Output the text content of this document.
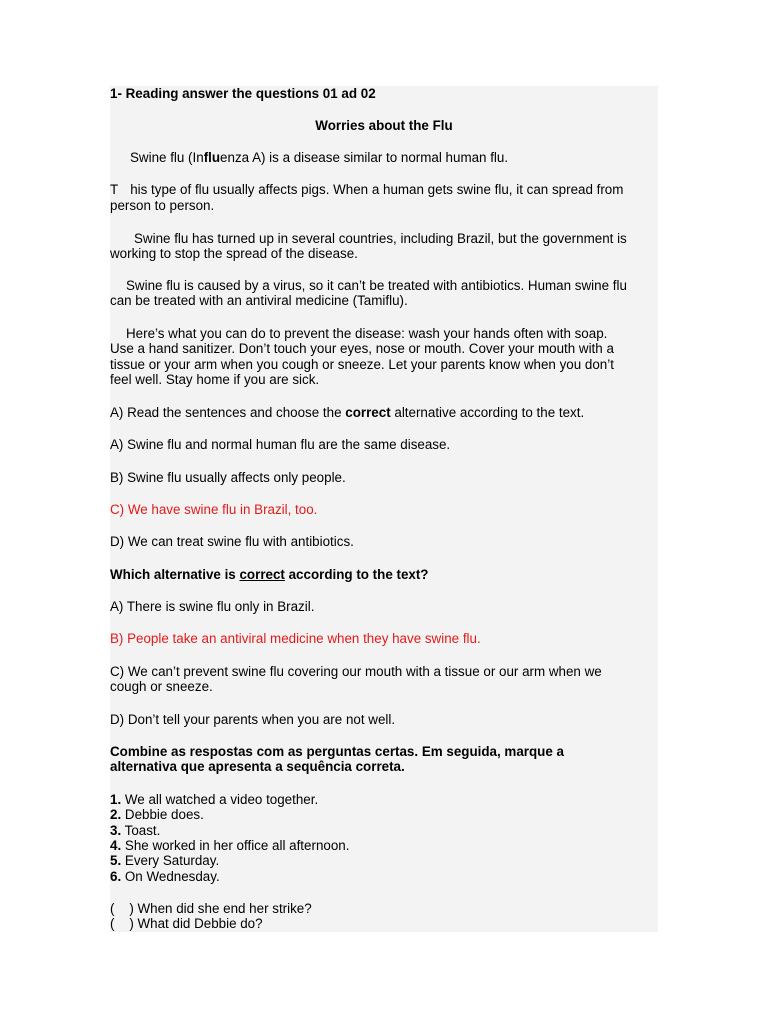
1- Reading answer the questions 01 ad 02
Worries about the Flu
Swine flu (Influenza A) is a disease similar to normal human flu.
T his type of flu usually affects pigs. When a human gets swine flu, it can spread from
person to person.
Swine flu has turned up in several countries, including Brazil, but the government is
working to stop the spread of the disease.
Swine flu is caused by a virus, so it can’t be treated with antibiotics. Human swine flu
can be treated with an antiviral medicine (Tamiflu).
Here’s what you can do to prevent the disease: wash your hands often with soap.
Use a hand sanitizer. Don’t touch your eyes, nose or mouth. Cover your mouth with a
tissue or your arm when you cough or sneeze. Let your parents know when you don’t
feel well. Stay home if you are sick.
A) Read the sentences and choose the correct alternative according to the text.
A) Swine flu and normal human flu are the same disease.
B) Swine flu usually affects only people.
C) We have swine flu in Brazil, too.
D) We can treat swine flu with antibiotics.
Which alternative is correct according to the text?
A) There is swine flu only in Brazil.
B) People take an antiviral medicine when they have swine flu.
C) We can’t prevent swine flu covering our mouth with a tissue or our arm when we
cough or sneeze.
D) Don’t tell your parents when you are not well.
Combine as respostas com as perguntas certas. Em seguida, marque a
alternativa que apresenta a sequência correta.
1. We all watched a video together.
2. Debbie does.
3. Toast.
4. She worked in her office all afternoon.
5. Every Saturday.
6. On Wednesday.
(    ) When did she end her strike?
(    ) What did Debbie do?
